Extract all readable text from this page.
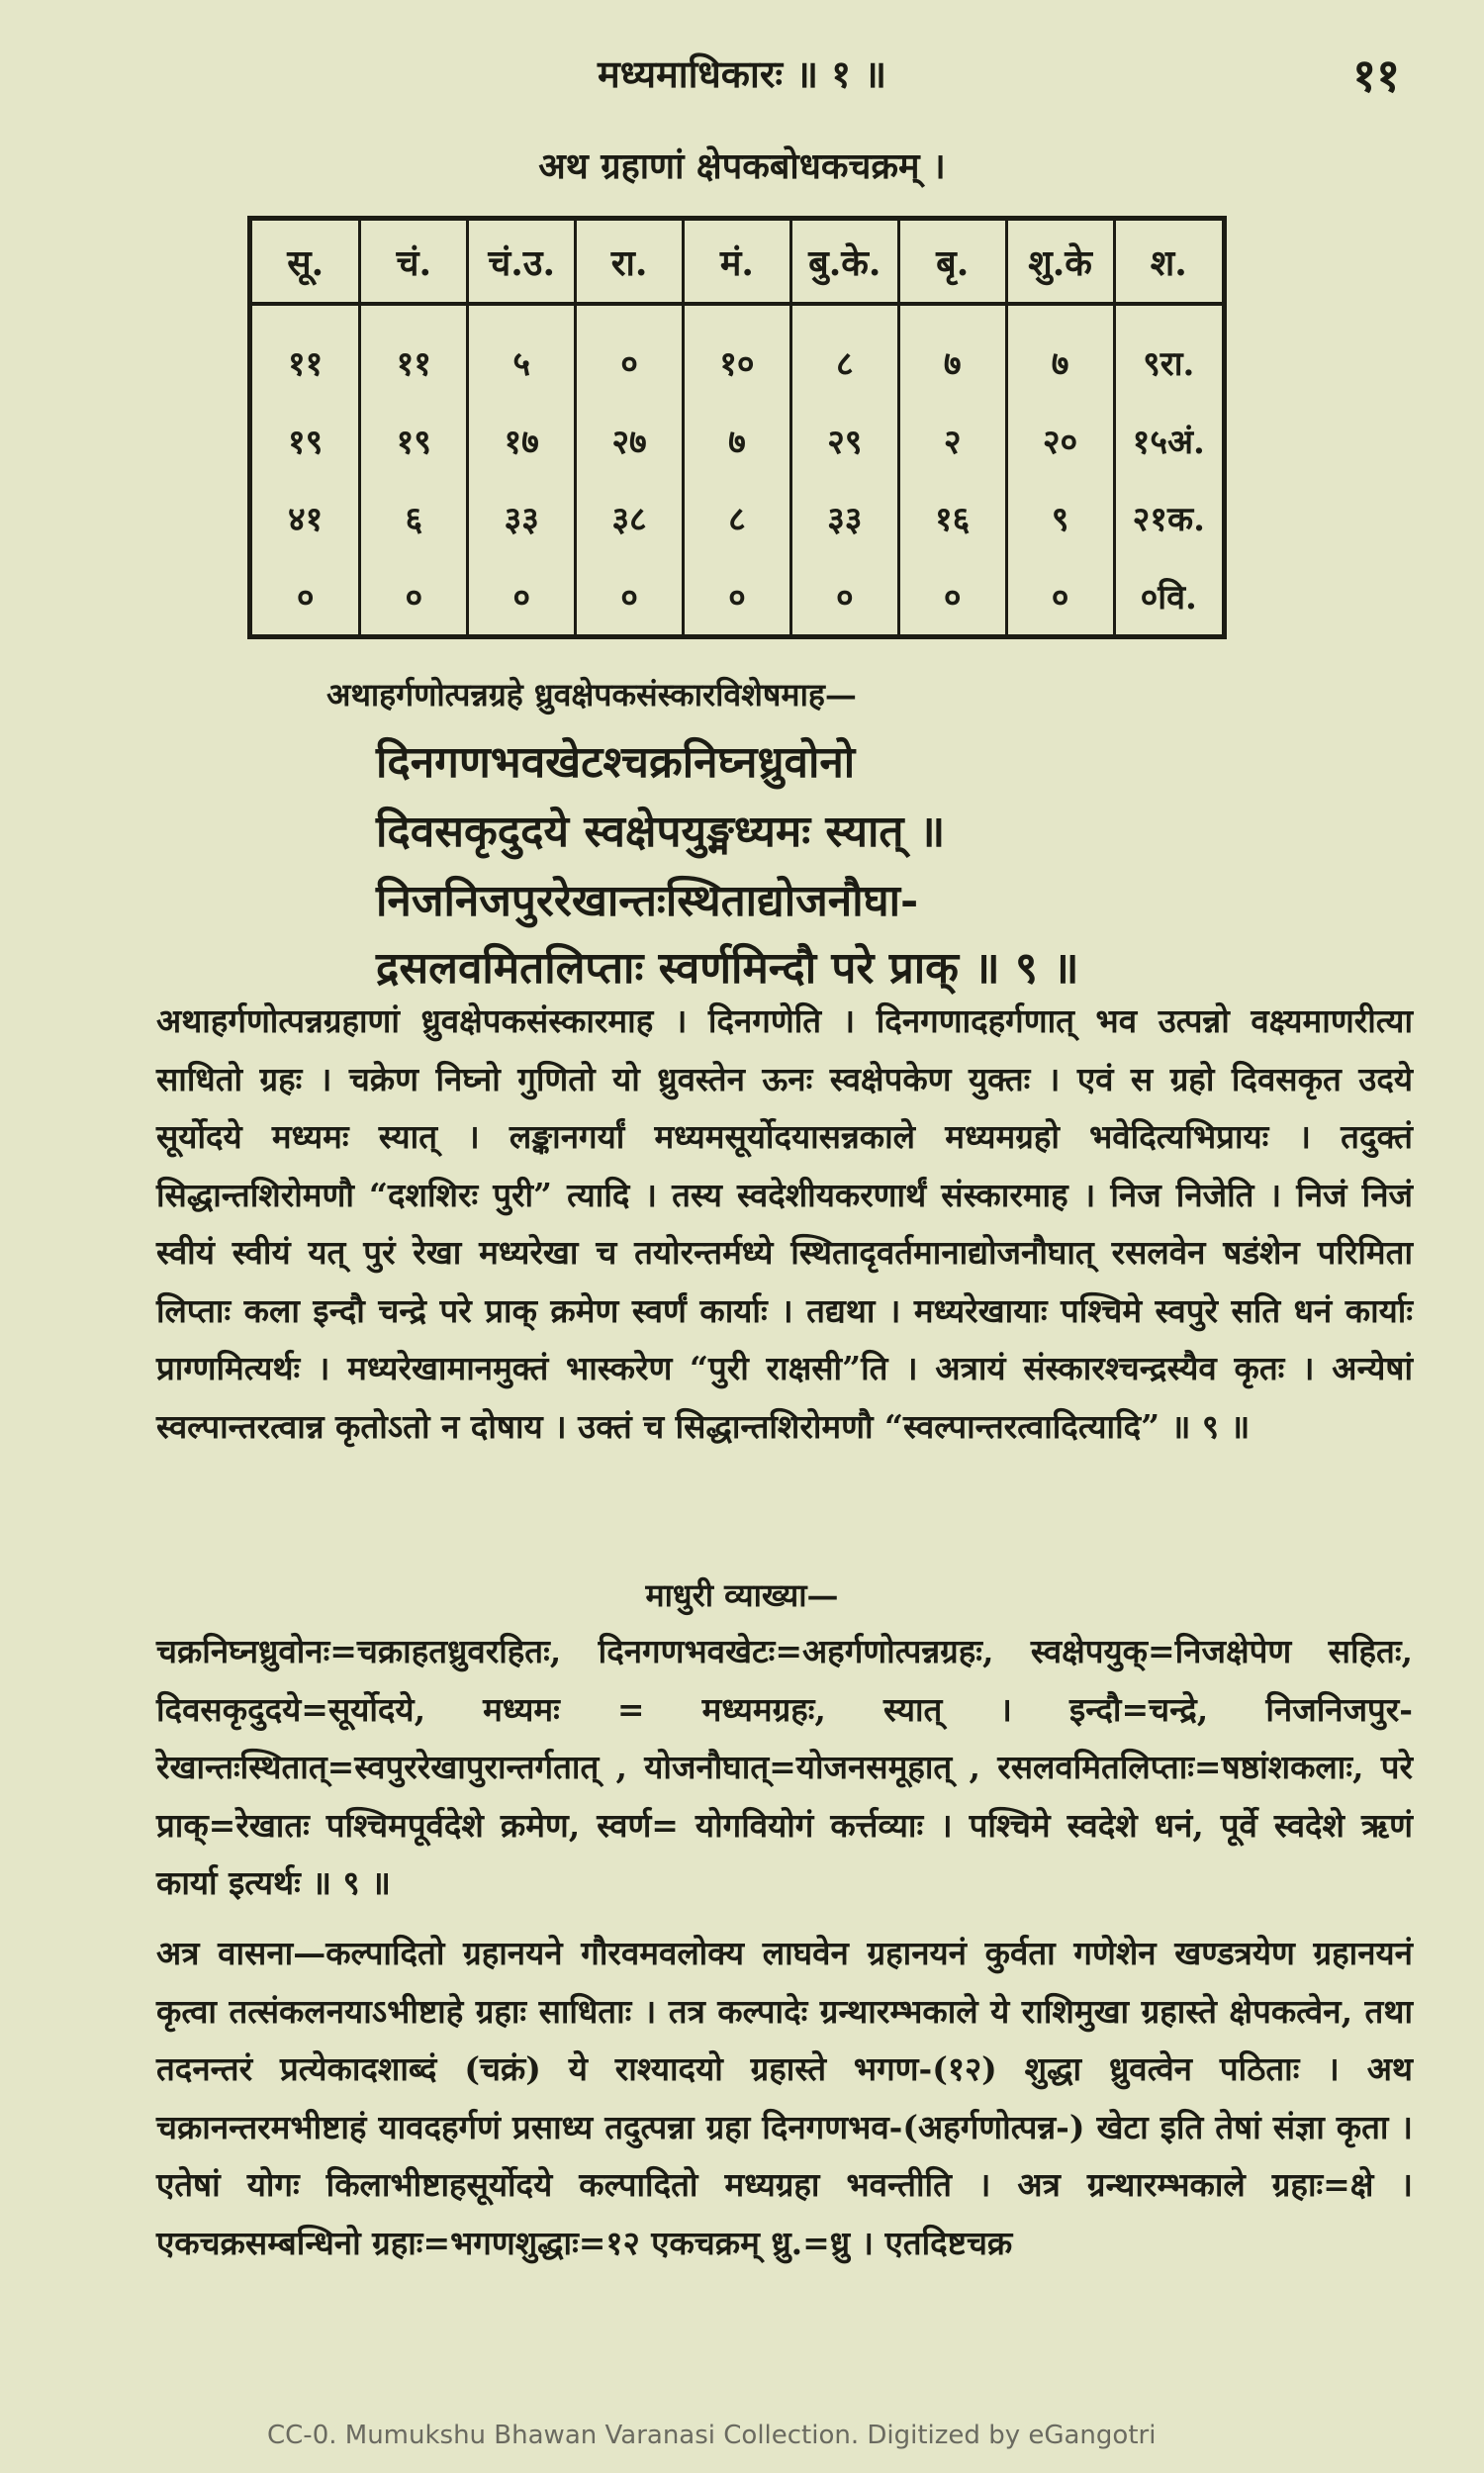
मध्यमाधिकारः ॥ १ ॥	११
अथ ग्रहाणां क्षेपकबोधकचक्रम् ।
सू.	चं.	चं.उ.	रा.	मं.	बु.के.	बृ.	शु.के	श.
११	११	५	०	१०	८	७	७	९रा.
१९	१९	१७	२७	७	२९	२	२०	१५अं.
४१	६	३३	३८	८	३३	१६	९	२१क.
०	०	०	०	०	०	०	०	०वि.
अथाहर्गणोत्पन्नग्रहे ध्रुवक्षेपकसंस्कारविशेषमाह—
दिनगणभवखेटश्चक्रनिघ्नध्रुवोनो
दिवसकृदुदये स्वक्षेपयुङ्मध्यमः स्यात् ॥
निजनिजपुररेखान्तःस्थिताद्योजनौघा-
द्रसलवमितलिप्ताः स्वर्णमिन्दौ परे प्राक् ॥ ९ ॥
अथाहर्गणोत्पन्नग्रहाणां ध्रुवक्षेपकसंस्कारमाह । दिनगणेति । दिनगणादहर्गणात् भव उत्पन्नो वक्ष्यमाणरीत्या साधितो ग्रहः । चक्रेण निघ्नो गुणितो यो ध्रुवस्तेन ऊनः स्वक्षेपकेण युक्तः । एवं स ग्रहो दिवसकृत उदये सूर्योदये मध्यमः स्यात् । लङ्कानगर्यां मध्यमसूर्योदयासन्नकाले मध्यमग्रहो भवेदित्यभिप्रायः । तदुक्तं सिद्धान्तशिरोमणौ “दशशिरः पुरी” त्यादि । तस्य स्वदेशीयकरणार्थं संस्कारमाह । निज निजेति । निजं निजं स्वीयं स्वीयं यत् पुरं रेखा मध्यरेखा च तयोरन्तर्मध्ये स्थितादृवर्तमानाद्योजनौघात् रसलवेन षडंशेन परिमिता लिप्ताः कला इन्दौ चन्द्रे परे प्राक् क्रमेण स्वर्णं कार्याः । तद्यथा । मध्यरेखायाः पश्चिमे स्वपुरे सति धनं कार्याः प्राग्णमित्यर्थः । मध्यरेखामानमुक्तं भास्करेण “पुरी राक्षसी”ति । अत्रायं संस्कारश्चन्द्रस्यैव कृतः । अन्येषां स्वल्पान्तरत्वान्न कृतोऽतो न दोषाय । उक्तं च सिद्धान्तशिरोमणौ “स्वल्पान्तरत्वादित्यादि” ॥ ९ ॥
माधुरी व्याख्या—
चक्रनिघ्नध्रुवोनः=चक्राहतध्रुवरहितः, दिनगणभवखेटः=अहर्गणोत्पन्नग्रहः, स्वक्षेपयुक्=निजक्षेपेण सहितः, दिवसकृदुदये=सूर्योदये, मध्यमः = मध्यमग्रहः, स्यात् । इन्दौ=चन्द्रे, निजनिजपुर-रेखान्तःस्थितात्=स्वपुररेखापुरान्तर्गतात् , योजनौघात्=योजनसमूहात् , रसलवमितलिप्ताः=षष्ठांशकलाः, परे प्राक्=रेखातः पश्चिमपूर्वदेशे क्रमेण, स्वर्ण= योगवियोगं कर्त्तव्याः । पश्चिमे स्वदेशे धनं, पूर्वे स्वदेशे ऋणं कार्या इत्यर्थः ॥ ९ ॥
अत्र वासना—कल्पादितो ग्रहानयने गौरवमवलोक्य लाघवेन ग्रहानयनं कुर्वता गणेशेन खण्डत्रयेण ग्रहानयनं कृत्वा तत्संकलनयाऽभीष्टाहे ग्रहाः साधिताः । तत्र कल्पादेः ग्रन्थारम्भकाले ये राशिमुखा ग्रहास्ते क्षेपकत्वेन, तथा तदनन्तरं प्रत्येकादशाब्दं (चक्रं) ये राश्यादयो ग्रहास्ते भगण-(१२) शुद्धा ध्रुवत्वेन पठिताः । अथ चक्रानन्तरमभीष्टाहं यावदहर्गणं प्रसाध्य तदुत्पन्ना ग्रहा दिनगणभव-(अहर्गणोत्पन्न-) खेटा इति तेषां संज्ञा कृता । एतेषां योगः किलाभीष्टाहसूर्योदये कल्पादितो मध्यग्रहा भवन्तीति । अत्र ग्रन्थारम्भकाले ग्रहाः=क्षे । एकचक्रसम्बन्धिनो ग्रहाः=भगणशुद्धाः=१२ एकचक्रम् ध्रु.=ध्रु । एतदिष्टचक्र
CC-0. Mumukshu Bhawan Varanasi Collection. Digitized by eGangotri
